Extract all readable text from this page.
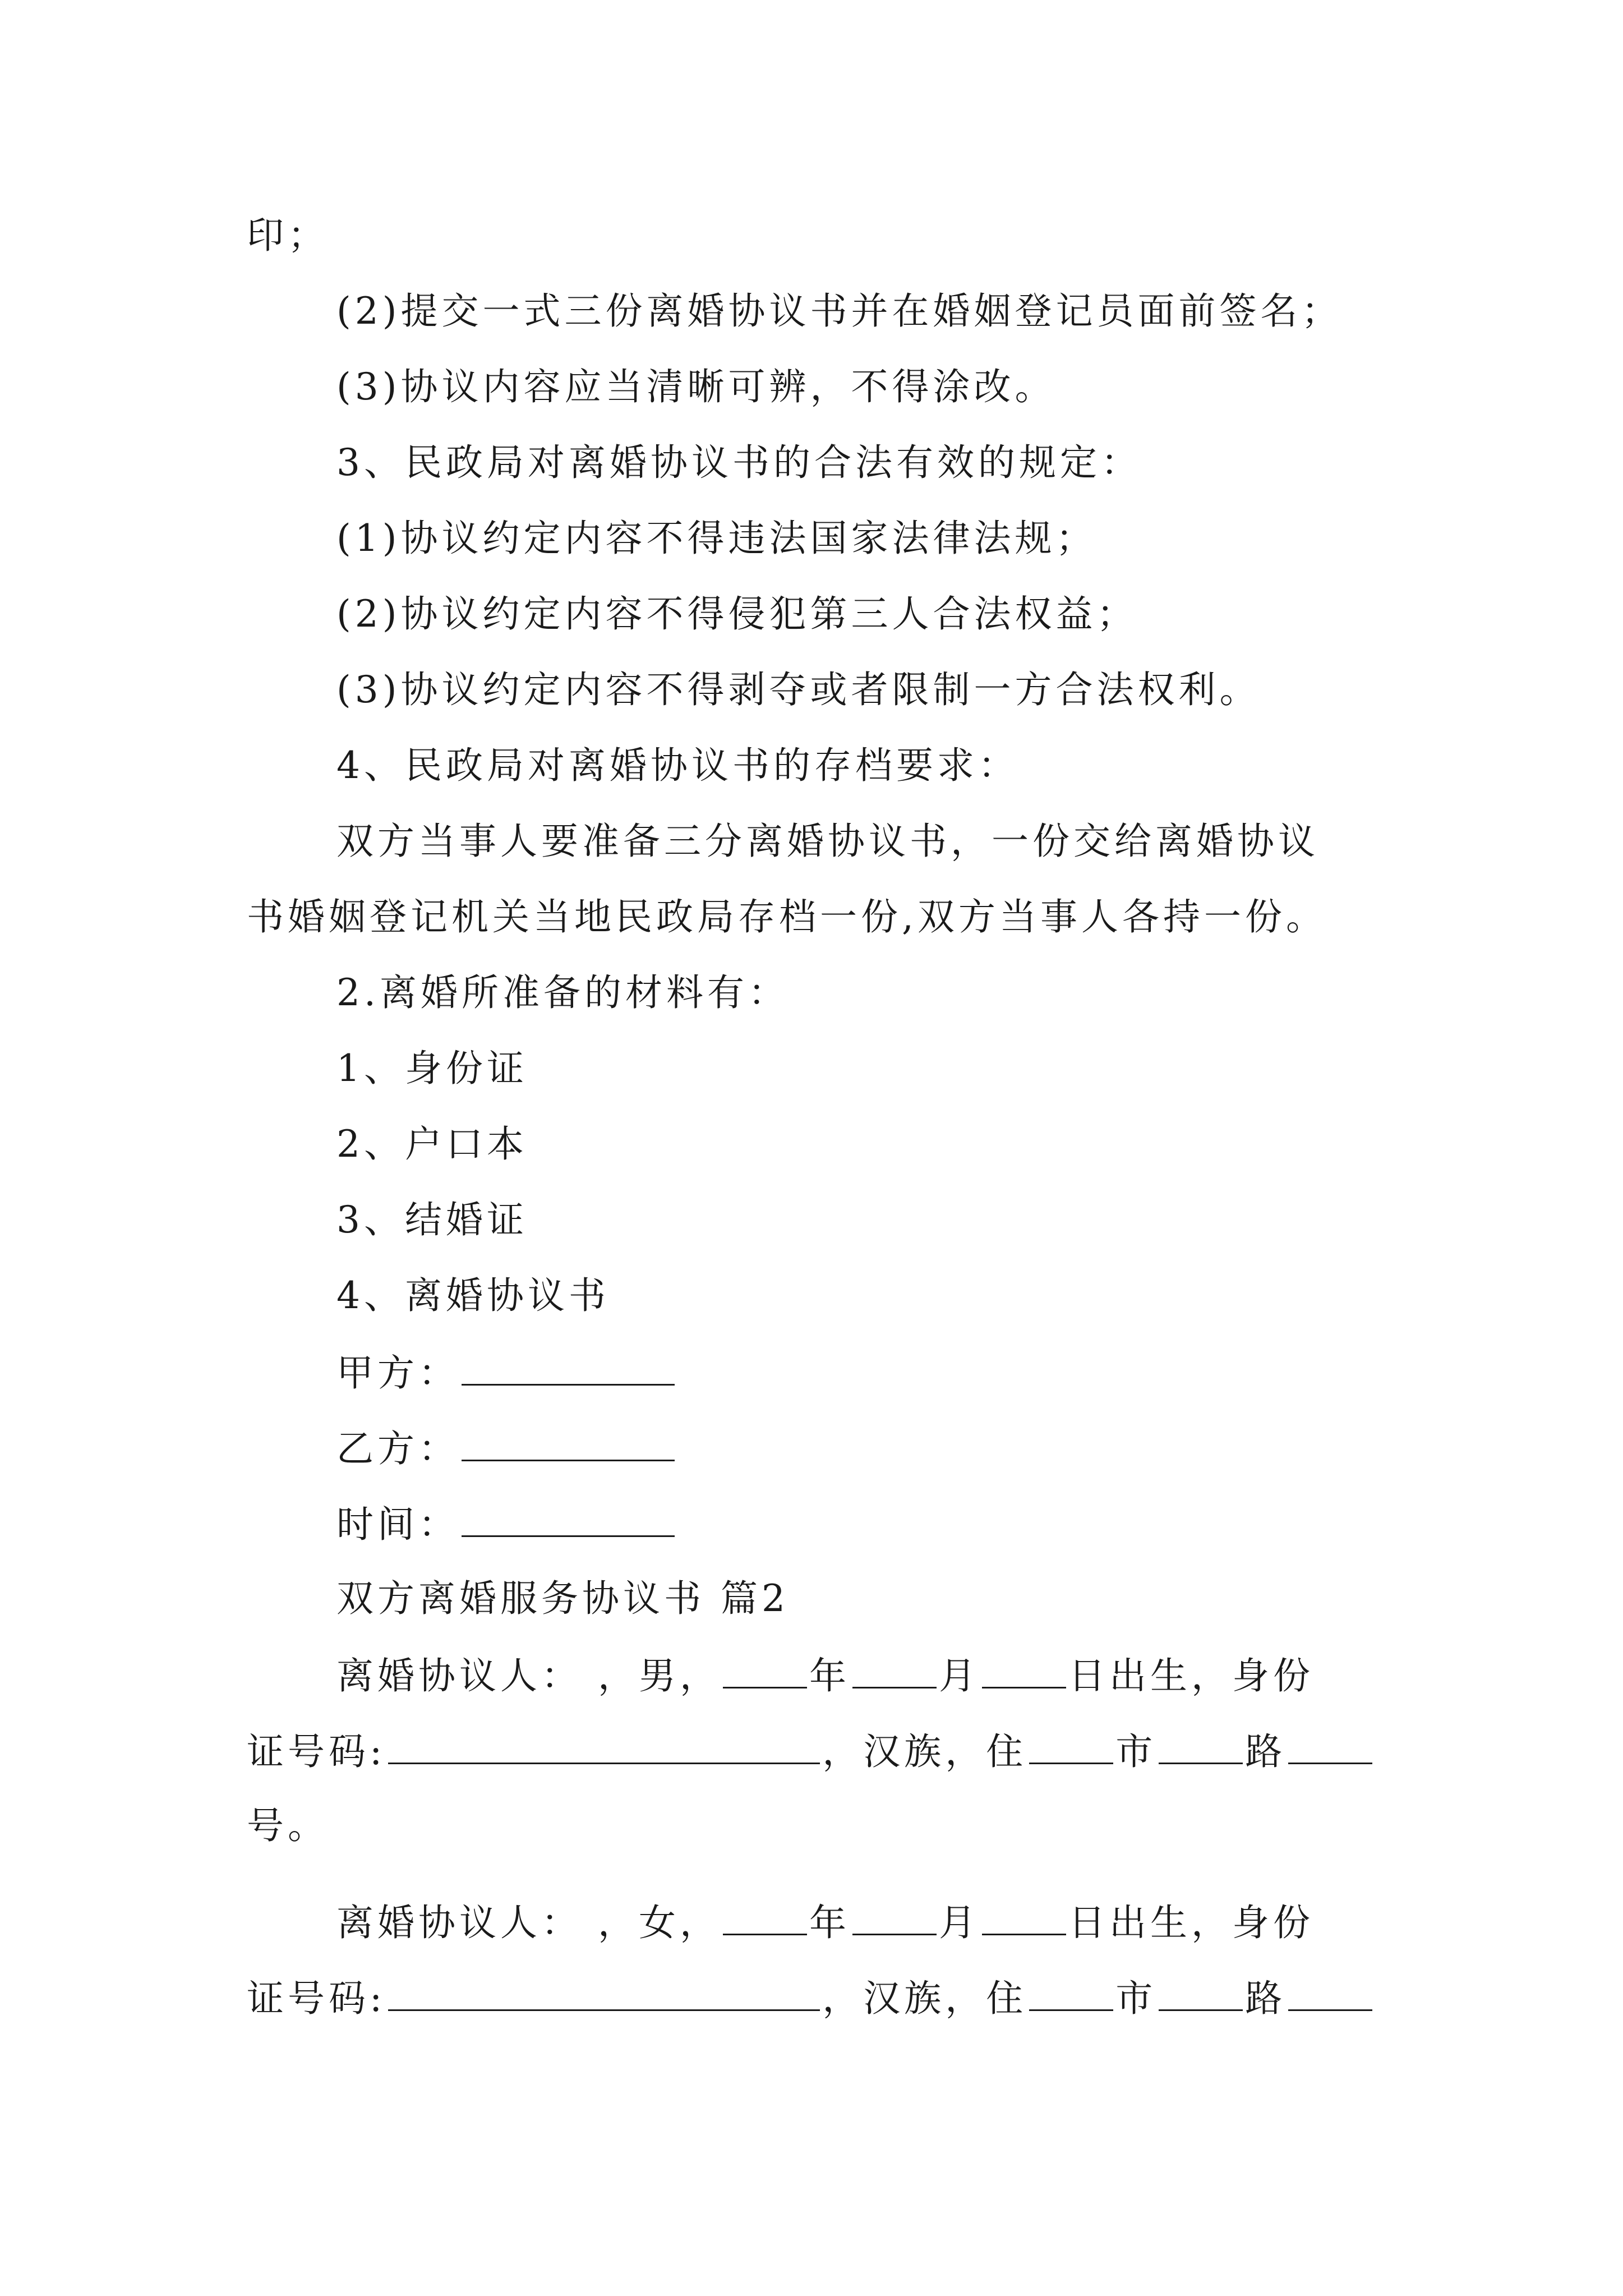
印；
(2)提交一式三份离婚协议书并在婚姻登记员面前签名；
(3)协议内容应当清晰可辨，不得涂改。
3、民政局对离婚协议书的合法有效的规定：
(1)协议约定内容不得违法国家法律法规；
(2)协议约定内容不得侵犯第三人合法权益；
(3)协议约定内容不得剥夺或者限制一方合法权利。
4、民政局对离婚协议书的存档要求：
双方当事人要准备三分离婚协议书，一份交给离婚协议
书婚姻登记机关当地民政局存档一份,双方当事人各持一份。
2.离婚所准备的材料有：
1、身份证
2、户口本
3、结婚证
4、离婚协议书
甲方：
乙方：
时间：
双方离婚服务协议书 篇2
离婚协议人： ，男， 年 月 日出生，身份
证号码:	，汉族，住 市 路
号。
离婚协议人： ，女， 年 月 日出生，身份
证号码:	，汉族，住 市 路
